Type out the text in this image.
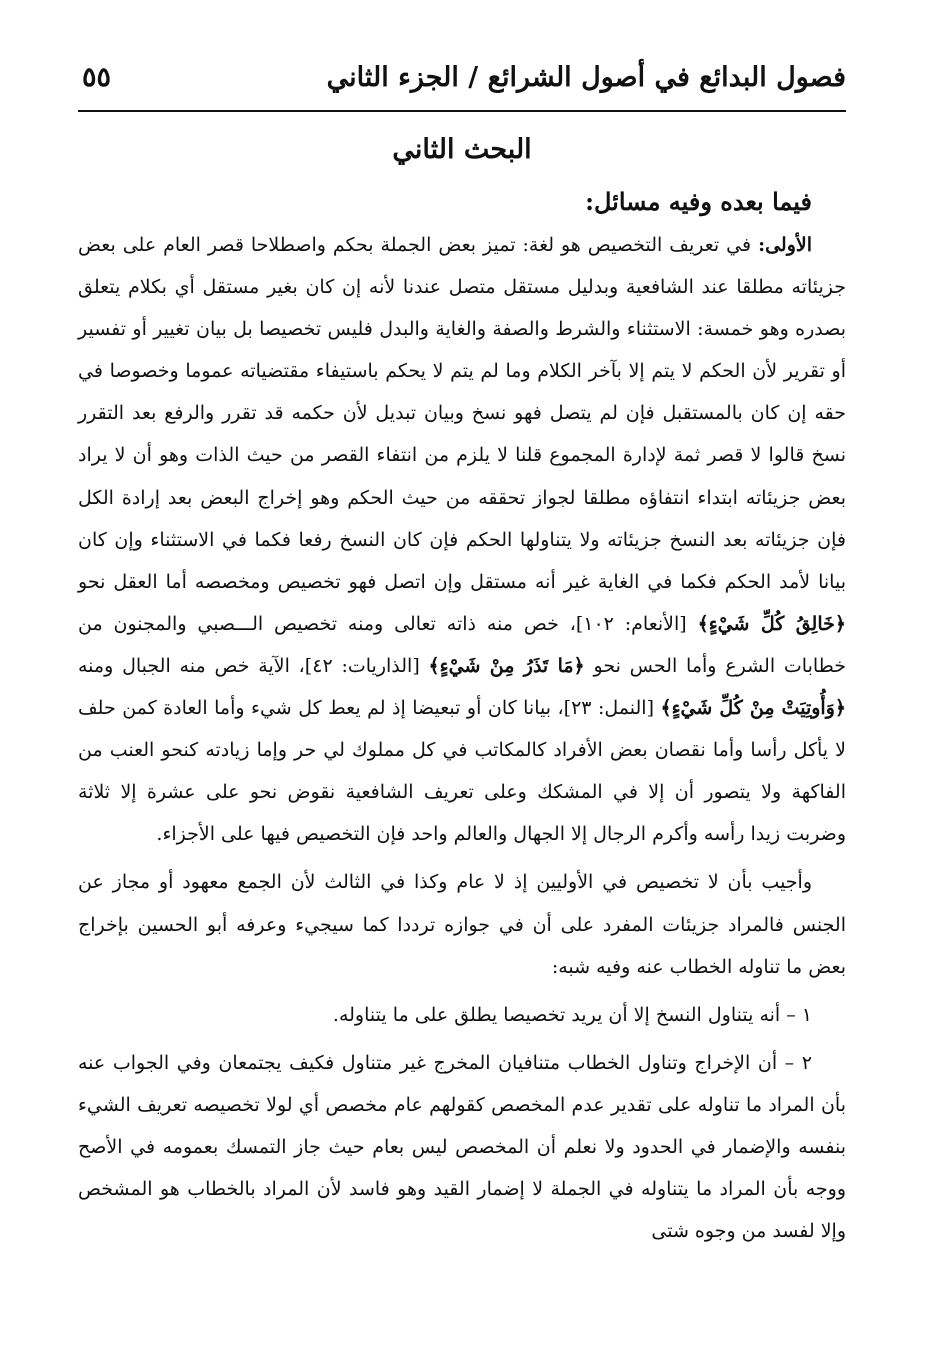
فصول البدائع في أصول الشرائع / الجزء الثاني
٥٥
البحث الثاني
فيما بعده وفيه مسائل:

الأولى: في تعريف التخصيص هو لغة: تميز بعض الجملة بحكم واصطلاحا قصر العام على بعض جزيئاته مطلقا عند الشافعية وبدليل مستقل متصل عندنا لأنه إن كان بغير مستقل أي بكلام يتعلق بصدره وهو خمسة: الاستثناء والشرط والصفة والغاية والبدل فليس تخصيصا بل بيان تغيير أو تفسير أو تقرير لأن الحكم لا يتم إلا بآخر الكلام وما لم يتم لا يحكم باستيفاء مقتضياته عموما وخصوصا في حقه إن كان بالمستقبل فإن لم يتصل فهو نسخ وبيان تبديل لأن حكمه قد تقرر والرفع بعد التقرر نسخ قالوا لا قصر ثمة لإدارة المجموع قلنا لا يلزم من انتفاء القصر من حيث الذات وهو أن لا يراد بعض جزيئاته ابتداء انتفاؤه مطلقا لجواز تحققه من حيث الحكم وهو إخراج البعض بعد إرادة الكل فإن جزيئاته بعد النسخ جزيئاته ولا يتناولها الحكم فإن كان النسخ رفعا فكما في الاستثناء وإن كان بيانا لأمد الحكم فكما في الغاية غير أنه مستقل وإن اتصل فهو تخصيص ومخصصه أما العقل نحو ﴿خَالِقُ كُلِّ شَيْءٍ﴾ [الأنعام: ١٠٢]، خص منه ذاته تعالى ومنه تخصيص الـــصبي والمجنون من خطابات الشرع وأما الحس نحو ﴿مَا تَذَرُ مِنْ شَيْءٍ﴾ [الذاريات: ٤٢]، الآية خص منه الجبال ومنه ﴿وَأُوتِيَتْ مِنْ كُلِّ شَيْءٍ﴾ [النمل: ٢٣]، بيانا كان أو تبعيضا إذ لم يعط كل شيء وأما العادة كمن حلف لا يأكل رأسا وأما نقصان بعض الأفراد كالمكاتب في كل مملوك لي حر وإما زيادته كنحو العنب من الفاكهة ولا يتصور أن إلا في المشكك وعلى تعريف الشافعية نقوض نحو على عشرة إلا ثلاثة وضربت زيدا رأسه وأكرم الرجال إلا الجهال والعالم واحد فإن التخصيص فيها على الأجزاء.

وأجيب بأن لا تخصيص في الأوليين إذ لا عام وكذا في الثالث لأن الجمع معهود أو مجاز عن الجنس فالمراد جزيئات المفرد على أن في جوازه ترددا كما سيجيء وعرفه أبو الحسين بإخراج بعض ما تناوله الخطاب عنه وفيه شبه:

١ – أنه يتناول النسخ إلا أن يريد تخصيصا يطلق على ما يتناوله.

٢ – أن الإخراج وتناول الخطاب متنافيان المخرج غير متناول فكيف يجتمعان وفي الجواب عنه بأن المراد ما تناوله على تقدير عدم المخصص كقولهم عام مخصص أي لولا تخصيصه تعريف الشيء بنفسه والإضمار في الحدود ولا نعلم أن المخصص ليس بعام حيث جاز التمسك بعمومه في الأصح ووجه بأن المراد ما يتناوله في الجملة لا إضمار القيد وهو فاسد لأن المراد بالخطاب هو المشخص وإلا لفسد من وجوه شتى
